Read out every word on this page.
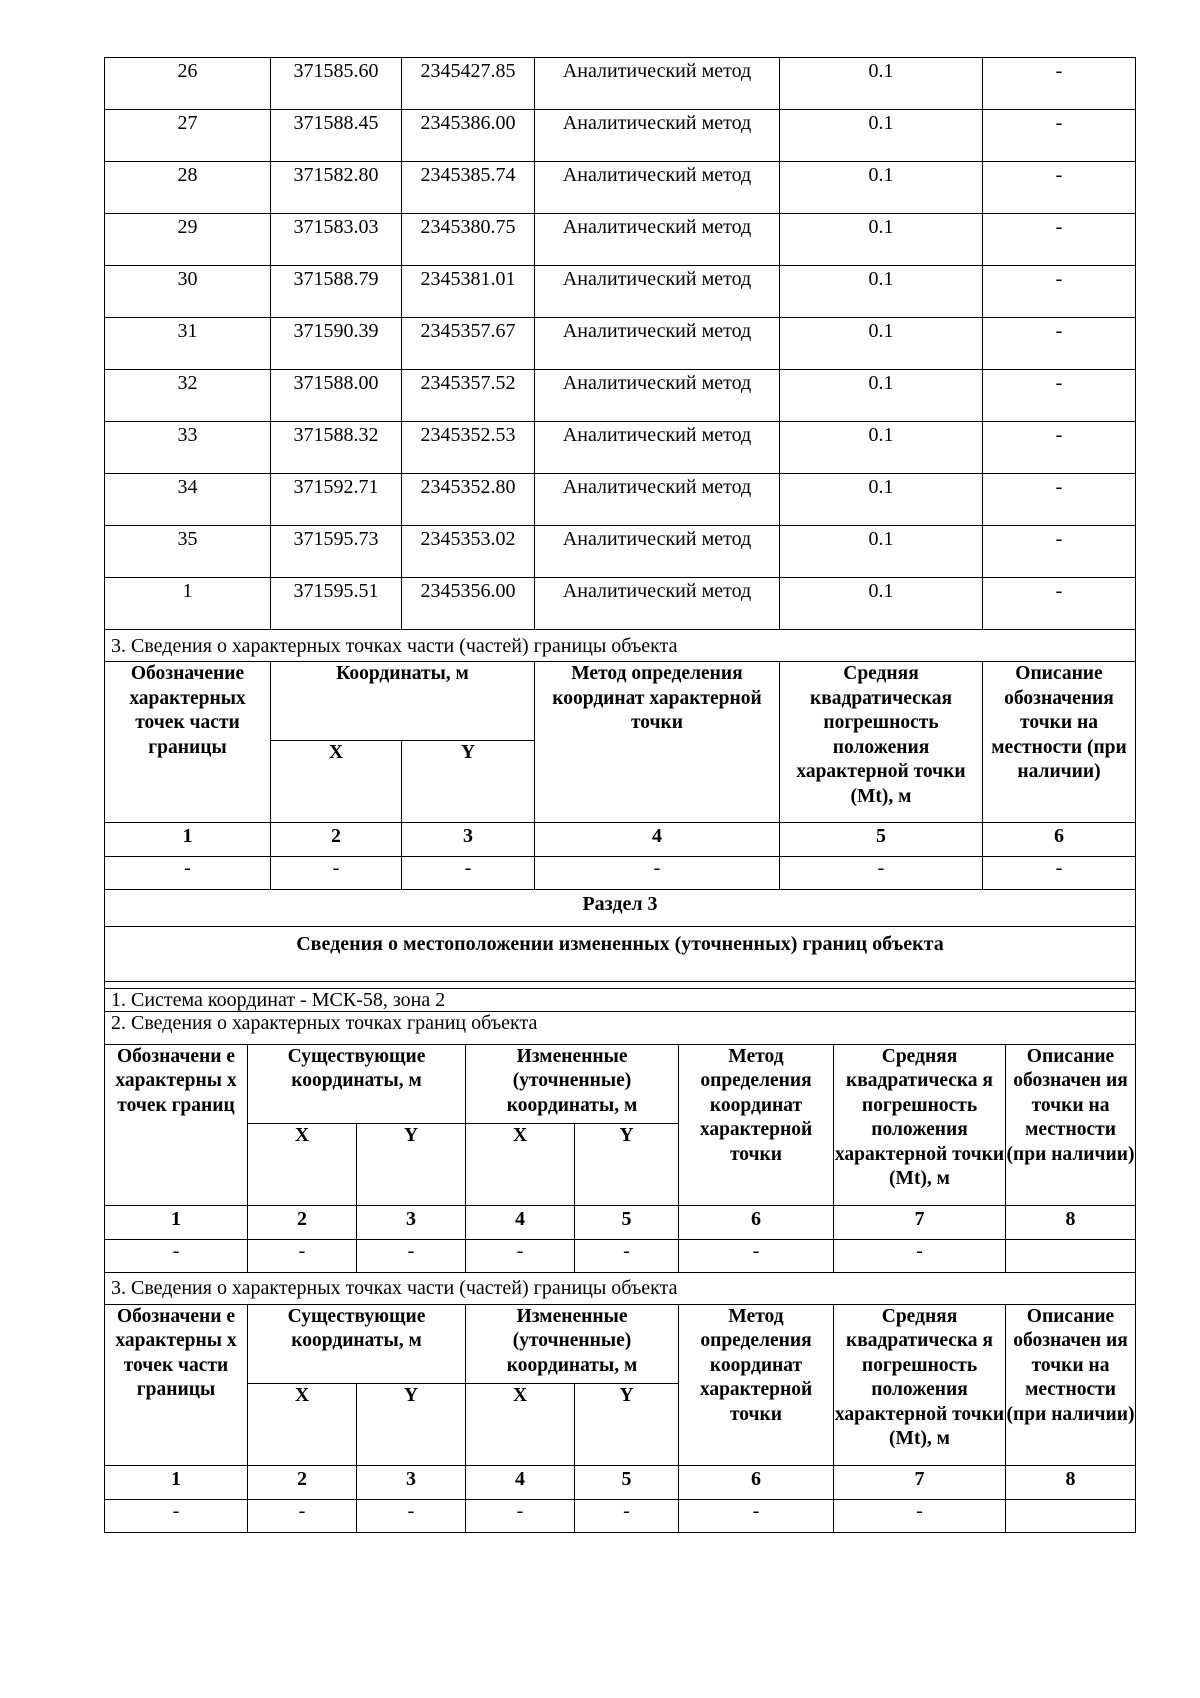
26	371585.60	2345427.85	Аналитический метод	0.1	-
27	371588.45	2345386.00	Аналитический метод	0.1	-
28	371582.80	2345385.74	Аналитический метод	0.1	-
29	371583.03	2345380.75	Аналитический метод	0.1	-
30	371588.79	2345381.01	Аналитический метод	0.1	-
31	371590.39	2345357.67	Аналитический метод	0.1	-
32	371588.00	2345357.52	Аналитический метод	0.1	-
33	371588.32	2345352.53	Аналитический метод	0.1	-
34	371592.71	2345352.80	Аналитический метод	0.1	-
35	371595.73	2345353.02	Аналитический метод	0.1	-
1	371595.51	2345356.00	Аналитический метод	0.1	-
3. Сведения о характерных точках части (частей) границы объекта					
Обозначение характерных точек части границы	Координаты, м		Метод определения координат характерной точки	Средняя квадратическая погрешность положения характерной точки (Mt), м	Описание обозначения точки на местности (при наличии)
	X	Y			
1	2	3	4	5	6
-	-	-	-	-	-
Раздел 3					
Сведения о местоположении измененных (уточненных) границ объекта					

1. Система координат - МСК-58, зона 2					
2. Сведения о характерных точках границ объекта					
Обозначени е характерны х точек границ	Существующие координаты, м		Измененные (уточненные) координаты, м		Метод определения координат характерной точки	Средняя квадратическа я погрешность положения характерной точки (Mt), м	Описание обозначен ия точки на местности (при наличии)

	X	Y	X	Y			
1	2	3	4	5	6	7	8
-	-	-	-	-	-	-	
3. Сведения о характерных точках части (частей) границы объекта							
Обозначени е характерны х точек части границы	Существующие координаты, м		Измененные (уточненные) координаты, м		Метод определения координат характерной точки	Средняя квадратическа я погрешность положения характерной точки (Mt), м	Описание обозначен ия точки на местности (при наличии)

	X	Y	X	Y			
1	2	3	4	5	6	7	8
-	-	-	-	-	-	-	
